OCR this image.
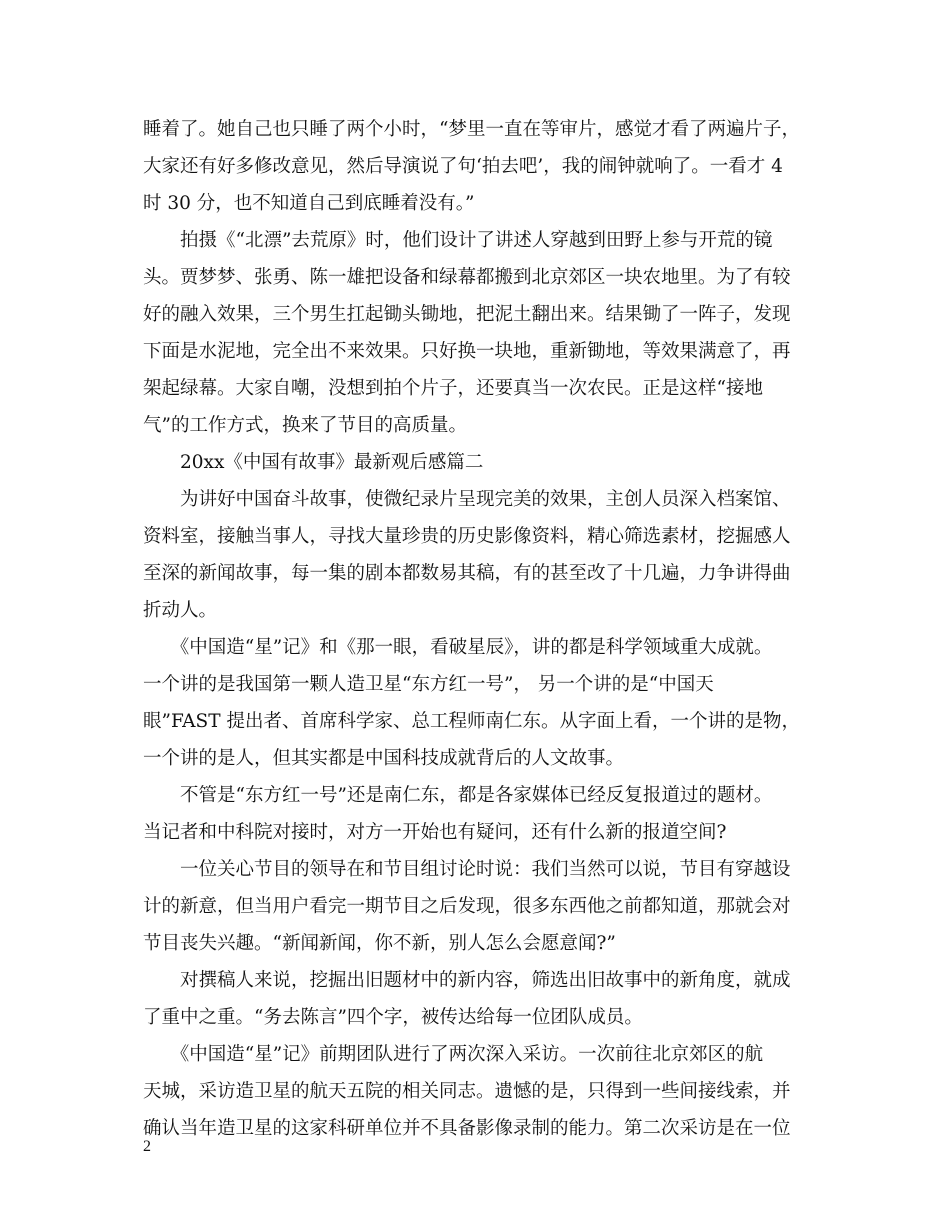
睡着了。她自己也只睡了两个小时，“梦里一直在等审片，感觉才看了两遍片子，
大家还有好多修改意见，然后导演说了句‘拍去吧’，我的闹钟就响了。一看才 4
时 30 分，也不知道自己到底睡着没有。”
　　拍摄《“北漂”去荒原》时，他们设计了讲述人穿越到田野上参与开荒的镜
头。贾梦梦、张勇、陈一雄把设备和绿幕都搬到北京郊区一块农地里。为了有较
好的融入效果，三个男生扛起锄头锄地，把泥土翻出来。结果锄了一阵子，发现
下面是水泥地，完全出不来效果。只好换一块地，重新锄地，等效果满意了，再
架起绿幕。大家自嘲，没想到拍个片子，还要真当一次农民。正是这样“接地
气”的工作方式，换来了节目的高质量。
　　20xx《中国有故事》最新观后感篇二
　　为讲好中国奋斗故事，使微纪录片呈现完美的效果，主创人员深入档案馆、
资料室，接触当事人，寻找大量珍贵的历史影像资料，精心筛选素材，挖掘感人
至深的新闻故事，每一集的剧本都数易其稿，有的甚至改了十几遍，力争讲得曲
折动人。
　　《中国造“星”记》和《那一眼，看破星辰》，讲的都是科学领域重大成就。
一个讲的是我国第一颗人造卫星“东方红一号”， 另一个讲的是“中国天
眼”FAST 提出者、首席科学家、总工程师南仁东。从字面上看，一个讲的是物，
一个讲的是人，但其实都是中国科技成就背后的人文故事。
　　不管是“东方红一号”还是南仁东，都是各家媒体已经反复报道过的题材。
当记者和中科院对接时，对方一开始也有疑问，还有什么新的报道空间?
　　一位关心节目的领导在和节目组讨论时说：我们当然可以说，节目有穿越设
计的新意，但当用户看完一期节目之后发现，很多东西他之前都知道，那就会对
节目丧失兴趣。“新闻新闻，你不新，别人怎么会愿意闻?”
　　对撰稿人来说，挖掘出旧题材中的新内容，筛选出旧故事中的新角度，就成
了重中之重。“务去陈言”四个字，被传达给每一位团队成员。
　　《中国造“星”记》前期团队进行了两次深入采访。一次前往北京郊区的航
天城，采访造卫星的航天五院的相关同志。遗憾的是，只得到一些间接线索，并
确认当年造卫星的这家科研单位并不具备影像录制的能力。第二次采访是在一位
2
